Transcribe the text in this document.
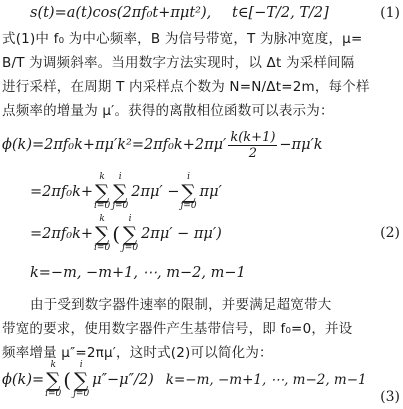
s(t)=a(t)cos(2πf₀t+πμt²), t∈[−T/2, T/2]	(1)
式(1)中 f₀ 为中心频率，B 为信号带宽，T 为脉冲宽度，μ=
B/T 为调频斜率。当用数字方法实现时，以 Δt 为采样间隔
进行采样，在周期 T 内采样点个数为 N=N/Δt=2m，每个样
点频率的增量为 μ′。获得的离散相位函数可以表示为：
$\phi(k)=2\pi f_0k+\pi\mu'k^2=2\pi f_0k+2\pi\mu' \frac{k(k+1)}{2} -\pi\mu'k$
=2πf₀k+
k
∑
i=0
i
∑
j=0
2πμ′ −
i
∑
j=0
πμ′
=2πf₀k+
k
∑
i=0
(
i
∑
j=0
2πμ′ − πμ′)	(2)
k=−m, −m+1, ⋯, m−2, m−1
由于受到数字器件速率的限制，并要满足超宽带大
带宽的要求，使用数字器件产生基带信号，即 f₀=0，并设
频率增量 μ″=2πμ′，这时式(2)可以简化为：
ϕ(k)=
k
∑
i=0
(
i
∑
j=0
μ″−μ″/2) k=−m, −m+1, ⋯, m−2, m−1
(3)
